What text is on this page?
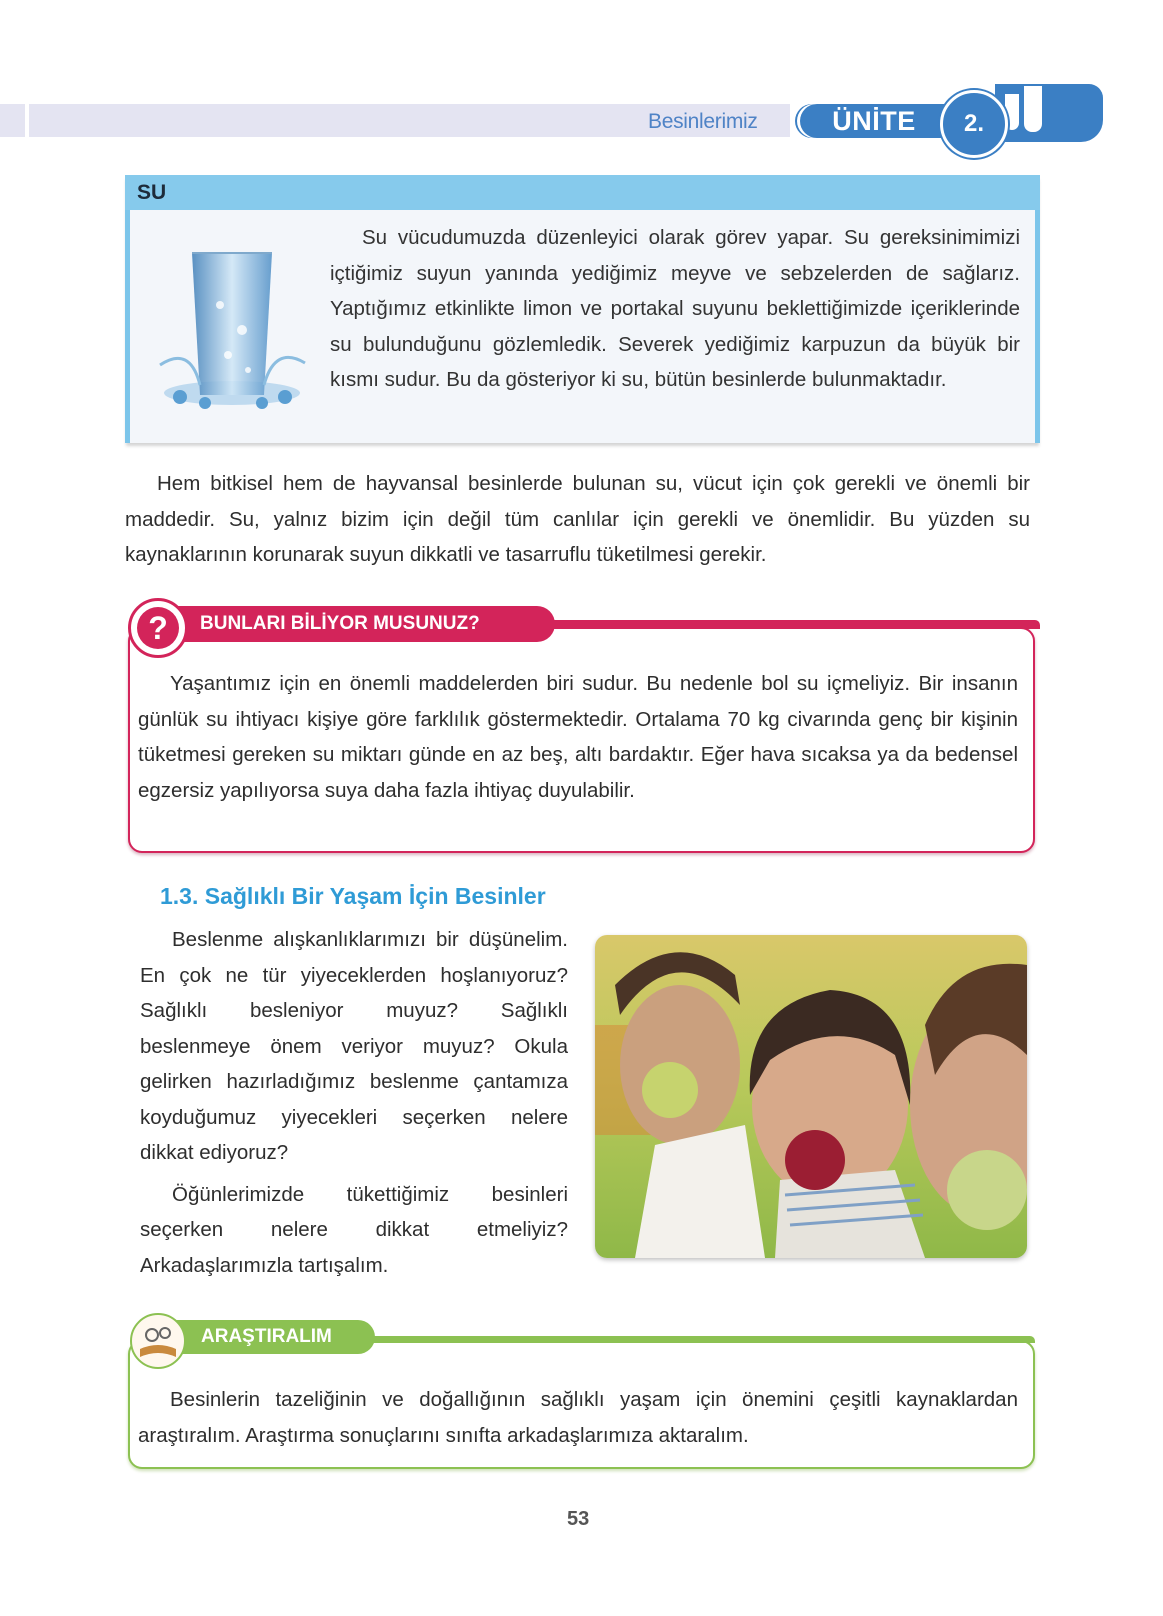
Besinlerimiz	ÜNİTE	2.
SU

Su vücudumuzda düzenleyici olarak görev yapar. Su gereksinimimizi içtiğimiz suyun yanında yediğimiz meyve ve sebzelerden de sağlarız. Yaptığımız etkinlikte limon ve portakal suyunu beklettiğimizde içeriklerinde su bulunduğunu gözlemledik. Severek yediğimiz karpuzun da büyük bir kısmı sudur. Bu da gösteriyor ki su, bütün besinlerde bulunmaktadır.

Hem bitkisel hem de hayvansal besinlerde bulunan su, vücut için çok gerekli ve önemli bir maddedir. Su, yalnız bizim için değil tüm canlılar için gerekli ve önemlidir. Bu yüzden su kaynaklarının korunarak suyun dikkatli ve tasarruflu tüketilmesi gerekir.

BUNLARI BİLİYOR MUSUNUZ?
?

Yaşantımız için en önemli maddelerden biri sudur. Bu nedenle bol su içmeliyiz. Bir insanın günlük su ihtiyacı kişiye göre farklılık göstermektedir. Ortalama 70 kg civarında genç bir kişinin tüketmesi gereken su miktarı günde en az beş, altı bardaktır. Eğer hava sıcaksa ya da bedensel egzersiz yapılıyorsa suya daha fazla ihtiyaç duyulabilir.

1.3. Sağlıklı Bir Yaşam İçin Besinler

Beslenme alışkanlıklarımızı bir düşünelim. En çok ne tür yiyeceklerden hoşlanıyoruz? Sağlıklı besleniyor muyuz? Sağlıklı beslenmeye önem veriyor muyuz? Okula gelirken hazırladığımız beslenme çantamıza koyduğumuz yiyecekleri seçerken nelere dikkat ediyoruz?

Öğünlerimizde tükettiğimiz besinleri seçerken nelere dikkat etmeliyiz? Arkadaşlarımızla tartışalım.

ARAŞTIRALIM

Besinlerin tazeliğinin ve doğallığının sağlıklı yaşam için önemini çeşitli kaynaklardan araştıralım. Araştırma sonuçlarını sınıfta arkadaşlarımıza aktaralım.

53
